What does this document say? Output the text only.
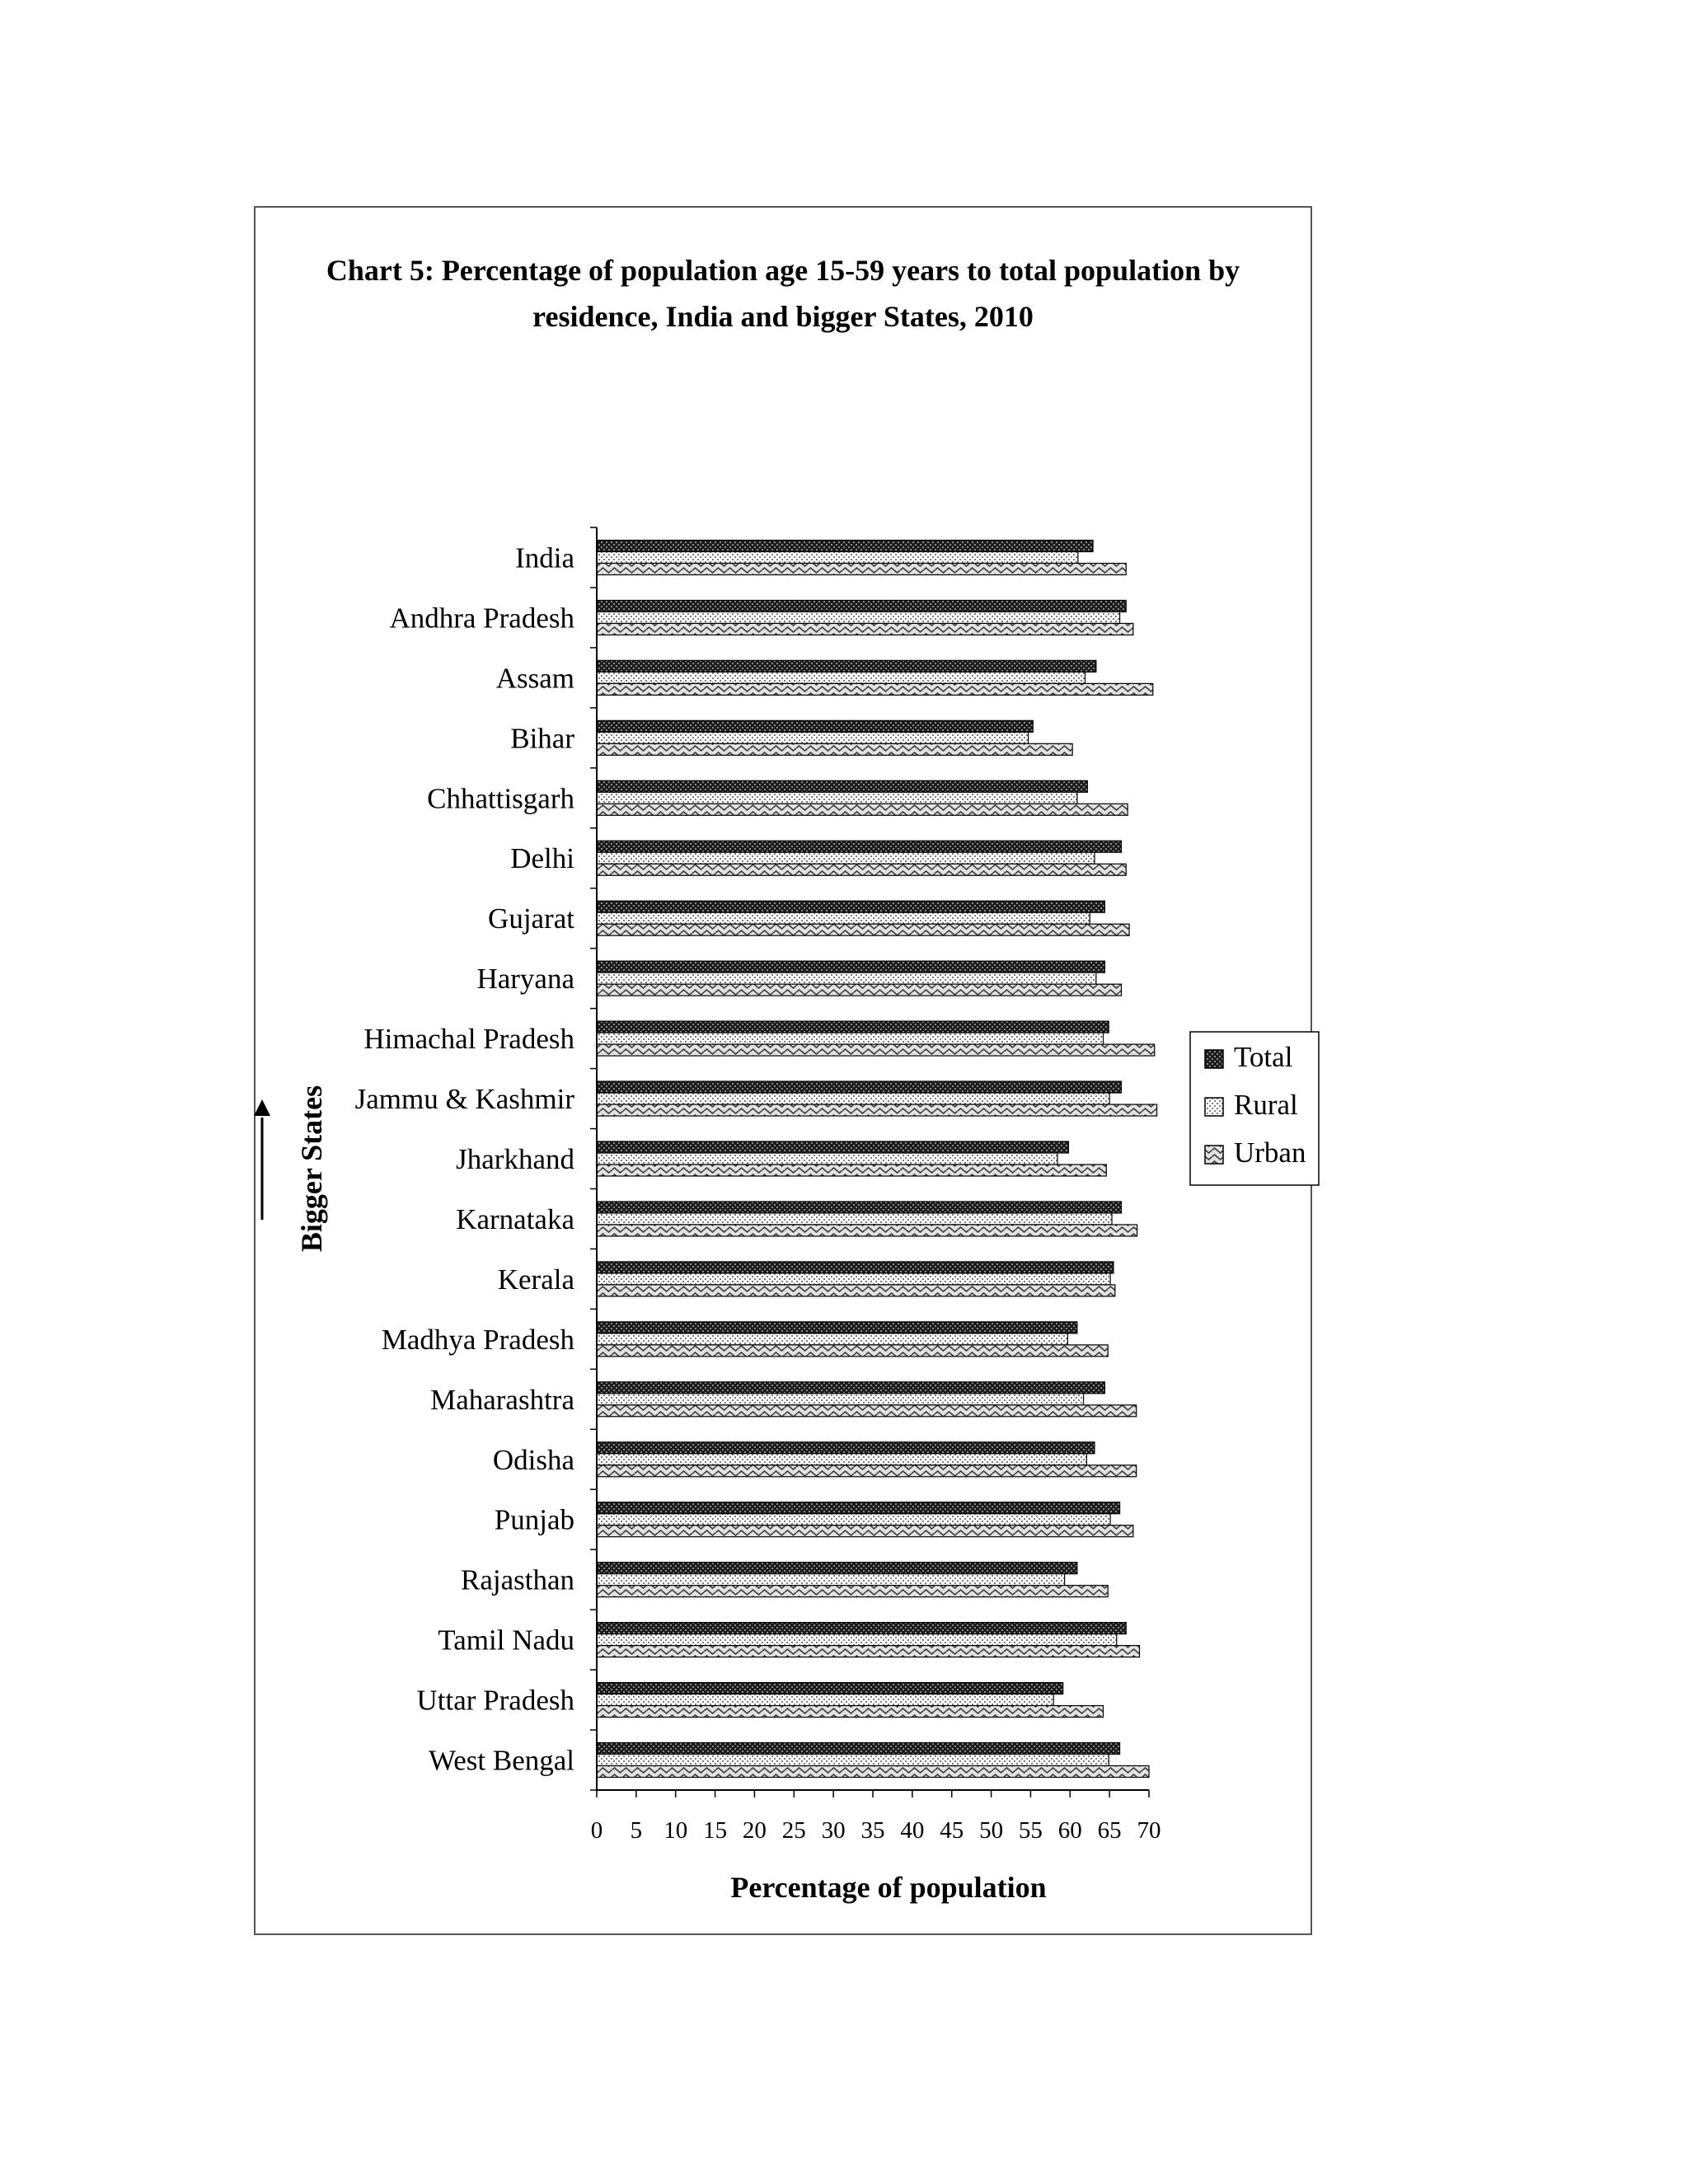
Chart 5: Percentage of population age 15-59 years to total population by residence, India and bigger States, 2010
India
Andhra Pradesh
Assam
Bihar
Chhattisgarh
Delhi
Gujarat
Haryana
Himachal Pradesh
Jammu & Kashmir
Jharkhand
Karnataka
Kerala
Madhya Pradesh
Maharashtra
Odisha
Punjab
Rajasthan
Tamil Nadu
Uttar Pradesh
West Bengal
0 5 10 15 20 25 30 35 40 45 50 55 60 65 70
Percentage of population
Bigger States
Total
Rural
Urban
